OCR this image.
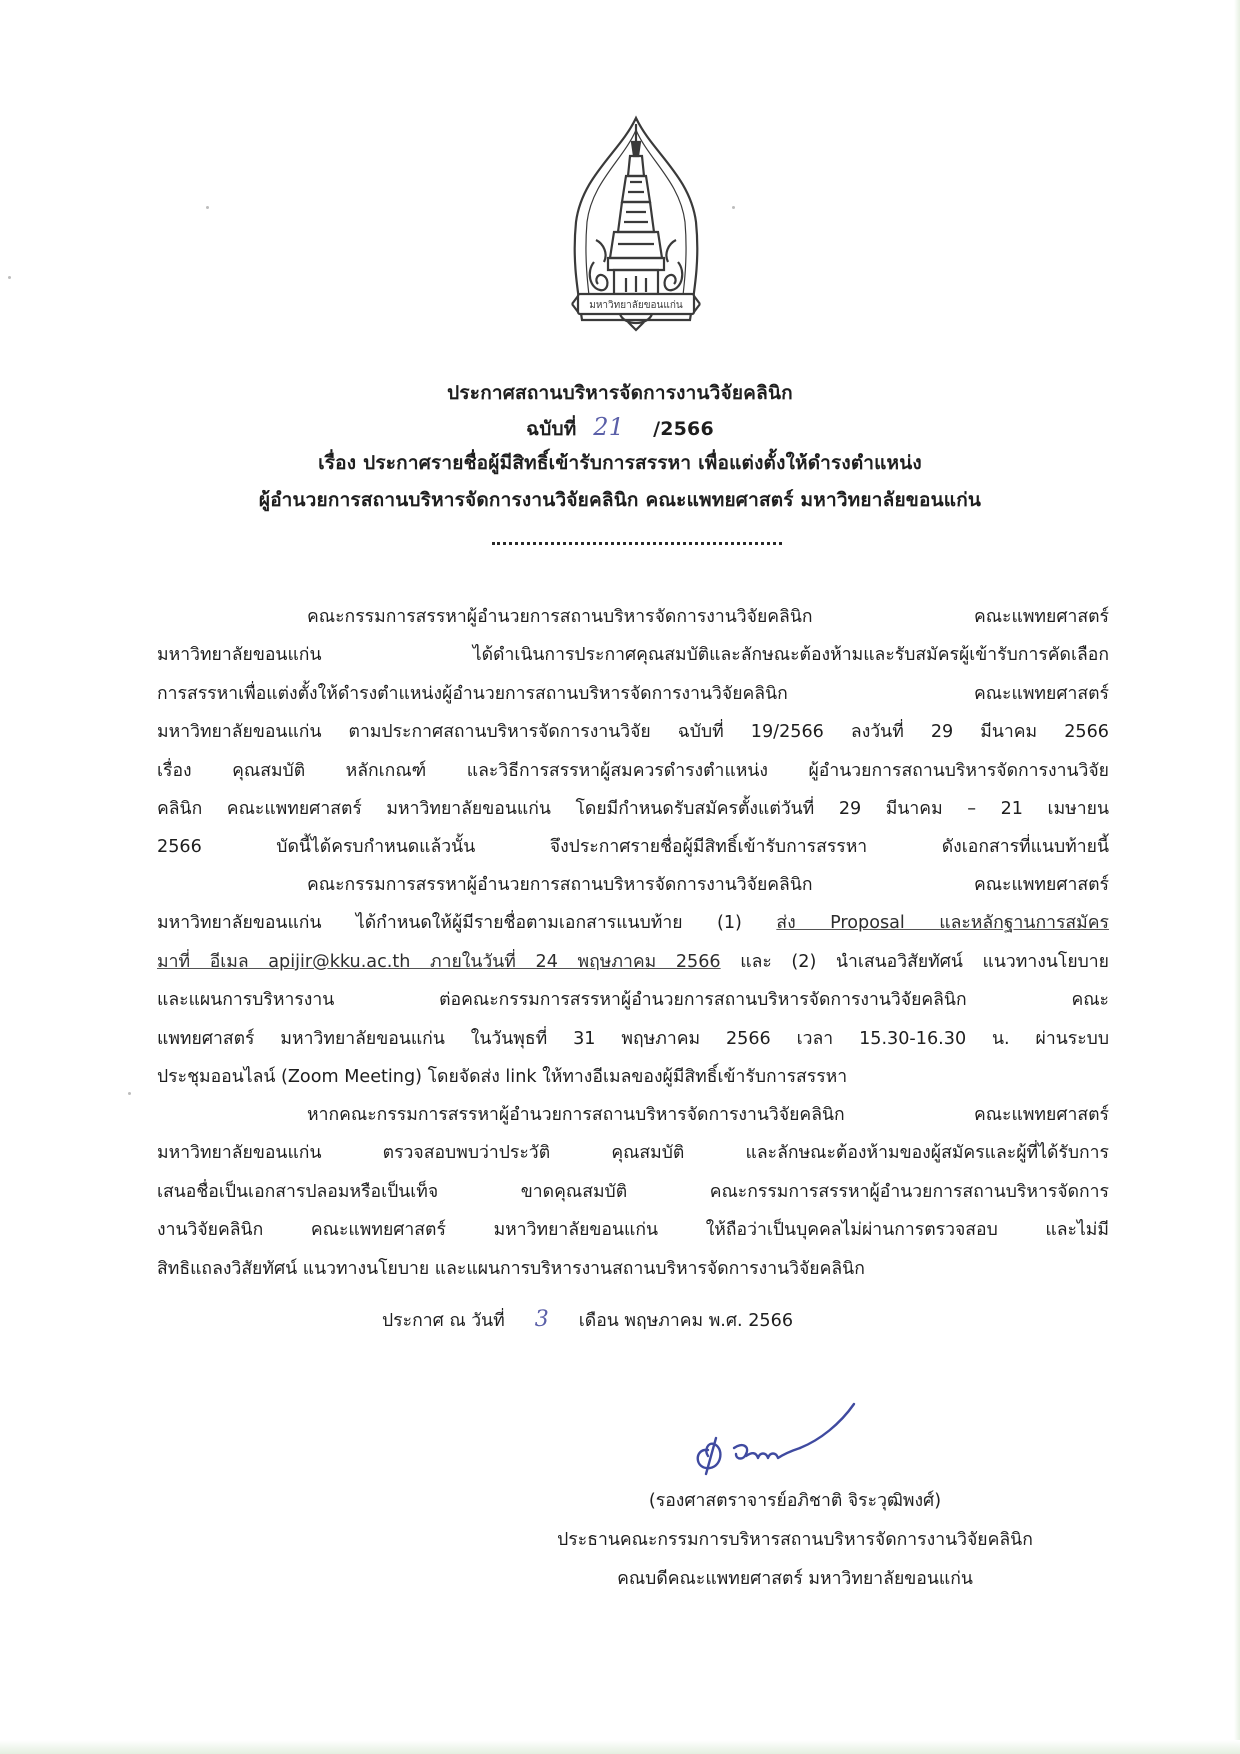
มหาวิทยาลัยขอนแก่น
ประกาศสถานบริหารจัดการงานวิจัยคลินิก
ฉบับที่ 21 /2566
เรื่อง ประกาศรายชื่อผู้มีสิทธิ์เข้ารับการสรรหา เพื่อแต่งตั้งให้ดำรงตำแหน่ง
ผู้อำนวยการสถานบริหารจัดการงานวิจัยคลินิก คณะแพทยศาสตร์ มหาวิทยาลัยขอนแก่น
คณะกรรมการสรรหาผู้อำนวยการสถานบริหารจัดการงานวิจัยคลินิก คณะแพทยศาสตร์
มหาวิทยาลัยขอนแก่น ได้ดำเนินการประกาศคุณสมบัติและลักษณะต้องห้ามและรับสมัครผู้เข้ารับการคัดเลือก
การสรรหาเพื่อแต่งตั้งให้ดำรงตำแหน่งผู้อำนวยการสถานบริหารจัดการงานวิจัยคลินิก คณะแพทยศาสตร์
มหาวิทยาลัยขอนแก่น ตามประกาศสถานบริหารจัดการงานวิจัย ฉบับที่ 19/2566 ลงวันที่ 29 มีนาคม 2566
เรื่อง คุณสมบัติ หลักเกณฑ์ และวิธีการสรรหาผู้สมควรดำรงตำแหน่ง ผู้อำนวยการสถานบริหารจัดการงานวิจัย
คลินิก คณะแพทยศาสตร์ มหาวิทยาลัยขอนแก่น โดยมีกำหนดรับสมัครตั้งแต่วันที่ 29 มีนาคม – 21 เมษายน
2566 บัดนี้ได้ครบกำหนดแล้วนั้น จึงประกาศรายชื่อผู้มีสิทธิ์เข้ารับการสรรหา ดังเอกสารที่แนบท้ายนี้
คณะกรรมการสรรหาผู้อำนวยการสถานบริหารจัดการงานวิจัยคลินิก คณะแพทยศาสตร์
มหาวิทยาลัยขอนแก่น ได้กำหนดให้ผู้มีรายชื่อตามเอกสารแนบท้าย (1) ส่ง Proposal และหลักฐานการสมัคร
มาที่ อีเมล apijir@kku.ac.th ภายในวันที่ 24 พฤษภาคม 2566 และ (2) นำเสนอวิสัยทัศน์ แนวทางนโยบาย
และแผนการบริหารงาน ต่อคณะกรรมการสรรหาผู้อำนวยการสถานบริหารจัดการงานวิจัยคลินิก คณะ
แพทยศาสตร์ มหาวิทยาลัยขอนแก่น ในวันพุธที่ 31 พฤษภาคม 2566 เวลา 15.30-16.30 น. ผ่านระบบ
ประชุมออนไลน์ (Zoom Meeting) โดยจัดส่ง link ให้ทางอีเมลของผู้มีสิทธิ์เข้ารับการสรรหา
หากคณะกรรมการสรรหาผู้อำนวยการสถานบริหารจัดการงานวิจัยคลินิก คณะแพทยศาสตร์
มหาวิทยาลัยขอนแก่น ตรวจสอบพบว่าประวัติ คุณสมบัติ และลักษณะต้องห้ามของผู้สมัครและผู้ที่ได้รับการ
เสนอชื่อเป็นเอกสารปลอมหรือเป็นเท็จ ขาดคุณสมบัติ คณะกรรมการสรรหาผู้อำนวยการสถานบริหารจัดการ
งานวิจัยคลินิก คณะแพทยศาสตร์ มหาวิทยาลัยขอนแก่น ให้ถือว่าเป็นบุคคลไม่ผ่านการตรวจสอบ และไม่มี
สิทธิแถลงวิสัยทัศน์ แนวทางนโยบาย และแผนการบริหารงานสถานบริหารจัดการงานวิจัยคลินิก
ประกาศ ณ วันที่ 3 เดือน พฤษภาคม พ.ศ. 2566
(รองศาสตราจารย์อภิชาติ จิระวุฒิพงศ์)
ประธานคณะกรรมการบริหารสถานบริหารจัดการงานวิจัยคลินิก
คณบดีคณะแพทยศาสตร์ มหาวิทยาลัยขอนแก่น
